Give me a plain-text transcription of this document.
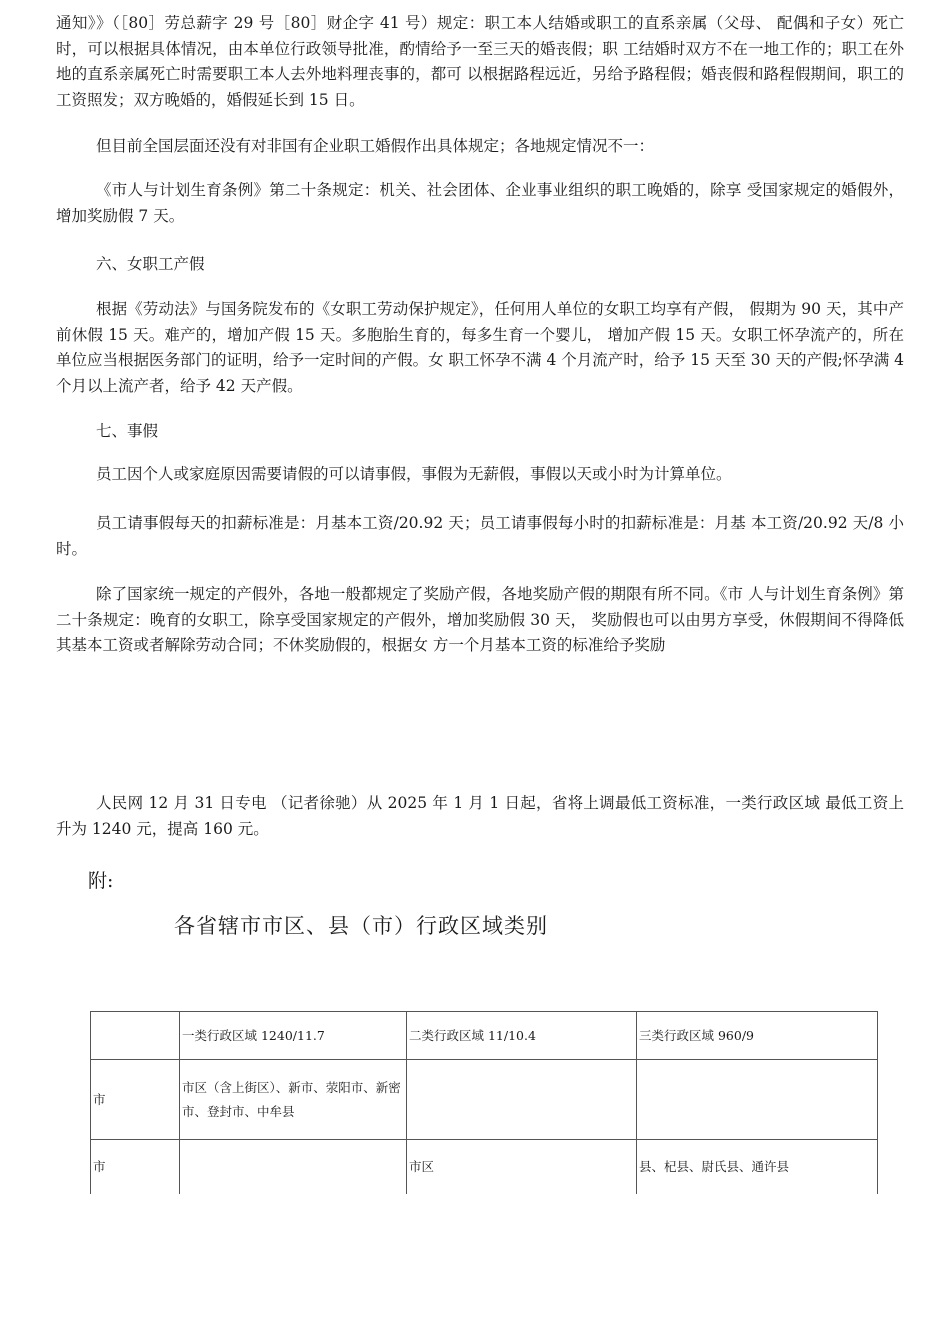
通知》》（［80］劳总薪字 29 号［80］财企字 41 号）规定：职工本人结婚或职工的直系亲属（父母、 配偶和子女）死亡时，可以根据具体情况，由本单位行政领导批准，酌情给予一至三天的婚丧假；职 工结婚时双方不在一地工作的；职工在外地的直系亲属死亡时需要职工本人去外地料理丧事的，都可 以根据路程远近，另给予路程假；婚丧假和路程假期间，职工的工资照发；双方晚婚的，婚假延长到 15 日。

但目前全国层面还没有对非国有企业职工婚假作出具体规定；各地规定情况不一：

《市人与计划生育条例》第二十条规定：机关、社会团体、企业事业组织的职工晚婚的，除享 受国家规定的婚假外，增加奖励假 7 天。

六、女职工产假

根据《劳动法》与国务院发布的《女职工劳动保护规定》，任何用人单位的女职工均享有产假， 假期为 90 天，其中产前休假 15 天。难产的，增加产假 15 天。多胞胎生育的，每多生育一个婴儿， 增加产假 15 天。女职工怀孕流产的，所在单位应当根据医务部门的证明，给予一定时间的产假。女 职工怀孕不满 4 个月流产时，给予 15 天至 30 天的产假;怀孕满 4 个月以上流产者，给予 42 天产假。

七、事假

员工因个人或家庭原因需要请假的可以请事假，事假为无薪假，事假以天或小时为计算单位。

员工请事假每天的扣薪标准是：月基本工资/20.92 天；员工请事假每小时的扣薪标准是：月基 本工资/20.92 天/8 小时。

除了国家统一规定的产假外，各地一般都规定了奖励产假，各地奖励产假的期限有所不同。《市 人与计划生育条例》第二十条规定：晚育的女职工，除享受国家规定的产假外，增加奖励假 30 天， 奖励假也可以由男方享受，休假期间不得降低其基本工资或者解除劳动合同；不休奖励假的，根据女 方一个月基本工资的标准给予奖励

人民网 12 月 31 日专电 （记者徐驰）从 2025 年 1 月 1 日起，省将上调最低工资标准，一类行政区域 最低工资上升为 1240 元，提高 160 元。

附:
各省辖市市区、县（市）行政区域类别
	一类行政区域 1240/11.7	二类行政区域 11/10.4	三类行政区域 960/9
市	市区（含上街区）、新市、荥阳市、新密市、登封市、中牟县		
市		市区	县、杞县、尉氏县、通许县
